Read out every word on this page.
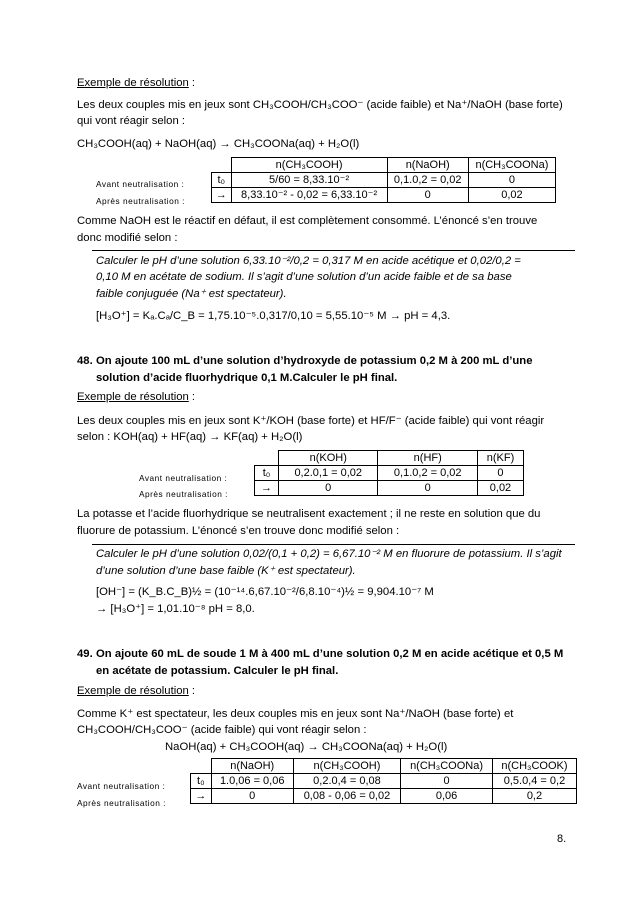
Exemple de résolution :
Les deux couples mis en jeux sont CH₃COOH/CH₃COO⁻ (acide faible) et Na⁺/NaOH (base forte)
qui vont réagir selon :
CH₃COOH(aq) + NaOH(aq) → CH₃COONa(aq) + H₂O(l)
Avant neutralisation :
Après neutralisation :
	n(CH₃COOH)	n(NaOH)	n(CH₃COONa)
t₀	5/60 = 8,33.10⁻²	0,1.0,2 = 0,02	0
→	8,33.10⁻² - 0,02 = 6,33.10⁻²	0	0,02
Comme NaOH est le réactif en défaut, il est complètement consommé. L’énoncé s’en trouve
donc modifié selon :
Calculer le pH d’une solution 6,33.10⁻²/0,2 = 0,317 M en acide acétique et 0,02/0,2 =
0,10 M en acétate de sodium. Il s’agit d’une solution d’un acide faible et de sa base
faible conjuguée (Na⁺ est spectateur).
[H₃O⁺] = Kₐ.Cₐ/C_B = 1,75.10⁻⁵.0,317/0,10 = 5,55.10⁻⁵ M → pH = 4,3.
48. On ajoute 100 mL d’une solution d’hydroxyde de potassium 0,2 M à 200 mL d’une
solution d’acide fluorhydrique 0,1 M.Calculer le pH final.
Exemple de résolution :
Les deux couples mis en jeux sont K⁺/KOH (base forte) et HF/F⁻ (acide faible) qui vont réagir
selon : KOH(aq) + HF(aq) → KF(aq) + H₂O(l)
Avant neutralisation :
Après neutralisation :
	n(KOH)	n(HF)	n(KF)
t₀	0,2.0,1 = 0,02	0,1.0,2 = 0,02	0
→	0	0	0,02
La potasse et l’acide fluorhydrique se neutralisent exactement ; il ne reste en solution que du
fluorure de potassium. L’énoncé s’en trouve donc modifié selon :
Calculer le pH d’une solution 0,02/(0,1 + 0,2) = 6,67.10⁻² M en fluorure de potassium. Il s’agit
d’une solution d’une base faible (K⁺ est spectateur).
[OH⁻] = (K_B.C_B)½ = (10⁻¹⁴.6,67.10⁻²/6,8.10⁻⁴)½ = 9,904.10⁻⁷ M
→ [H₃O⁺] = 1,01.10⁻⁸ pH = 8,0.
49. On ajoute 60 mL de soude 1 M à 400 mL d’une solution 0,2 M en acide acétique et 0,5 M
en acétate de potassium. Calculer le pH final.
Exemple de résolution :
Comme K⁺ est spectateur, les deux couples mis en jeux sont Na⁺/NaOH (base forte) et
CH₃COOH/CH₃COO⁻ (acide faible) qui vont réagir selon :
NaOH(aq) + CH₃COOH(aq) → CH₃COONa(aq) + H₂O(l)
Avant neutralisation :
Après neutralisation :
	n(NaOH)	n(CH₃COOH)	n(CH₃COONa)	n(CH₃COOK)
t₀	1.0,06 = 0,06	0,2.0,4 = 0,08	0	0,5.0,4 = 0,2
→	0	0,08 - 0,06 = 0,02	0,06	0,2
8.
